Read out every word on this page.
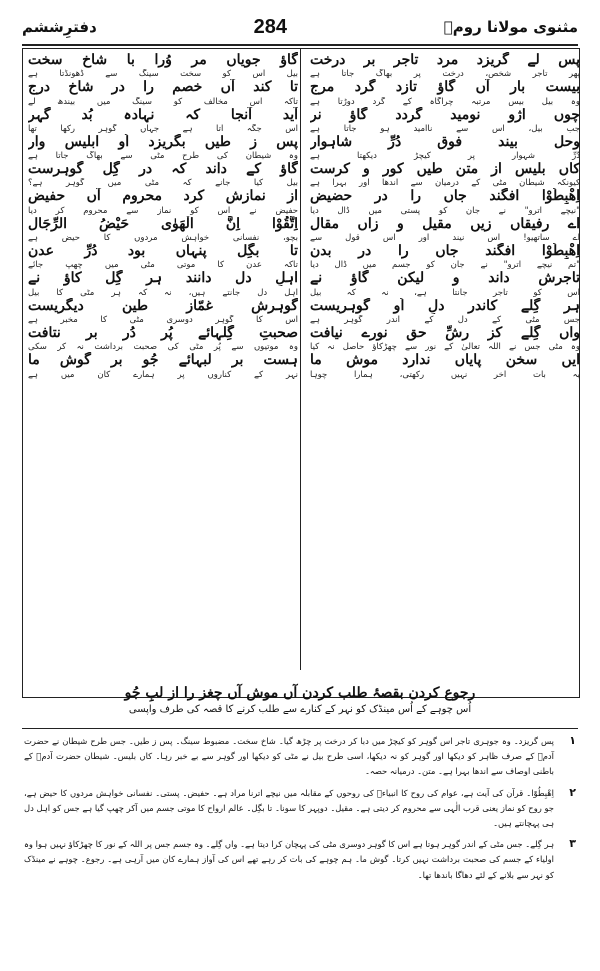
مثنوی مولانا رومؒ
284
دفترِششم
پس لے گریزد مرد تاجر بر درخت
پھر تاجر شخص، درخت پر بھاگ جاتا ہے
بیست بار آں گاؤ تازد گرد مرج
وہ بیل بیس مرتبہ چراگاہ کے گرد دوڑتا ہے
چوں اژو نومید گردد گاؤ نر
جب بیل، اس سے ناامید ہو جاتا ہے
وحل بیند فوق دُرِّ شاہوار
دُرِّ شہوار پر کیچڑ دیکھتا ہے
کاں بلیس از متنِ طیں کور و کرست
کیونکہ شیطان مٹی کے درمیان سے اندھا اور بہرا ہے
اِهْبِطُوْا افگند جاں را در حضیض
"نیچے اترو" نے جان کو پستی میں ڈال دیا
اے رفیقاں زیں مقیل و زاں مقال
اے ساتھیو! اس نیند اور اس قول سے
اِهْبِطُوْا افگند جاں را در بدن
"تم نیچے اترو" نے جان کو جسم میں ڈال دیا
تاجرش داند و لیکن گاؤ نے
اس کو تاجر جانتا ہے، نہ کہ بیل
ہر گِلے کاندر دلِ اُو گوہریست
جس مٹی کے دل کے اندر گوہر ہے
واں گِلے کز رشِّ حق نورے نیافت
وہ مٹی جس نے اللہ تعالیٰ کے نور سے چھڑکاؤ حاصل نہ کیا
ایں سخن پایاں ندارد موش ما
یہ بات آخر نہیں رکھتی، ہمارا چوہا
گاؤ جویاں مر وُرا با شاخ سخت
بیل اس کو سخت سینگ سے ڈھونڈتا ہے
تا کند آں خصم را در شاخ درج
تاکہ اس مخالف کو سینگ میں بیندھ لے
آید آنجا کہ نہادہ بُد گہر
اس جگہ آتا ہے جہاں گوہر رکھا تھا
پس ز طیں بگریزد اُو ابلیس وار
وہ شیطان کی طرح مٹی سے بھاگ جاتا ہے
گاؤ کے داند کہ در گِل گوہرست
بیل کیا جانے کہ مٹی میں گوہر ہے؟
از نمازش کرد محروم آں حفیض
حفیض نے اس کو نماز سے محروم کر دیا
اِتَّقُوْا اِنَّ الْهَوٰى حَيْضُ الرِّجَال
بچو، نفسانی خواہش مردوں کا حیض ہے
تا بگِل پنہاں بود دُرِّ عدن
تاکہ عدن کا موتی مٹی میں چھپ جائے
اہلِ دل دانند ہر گِل کاؤ نے
اہل دل جانتے ہیں، نہ کہ ہر مٹی کا بیل
گوہرش غمّاز طینِ دیگریست
اس کا گوہر دوسری مٹی کا مخبر ہے
صحبتِ گِلہائے پُر دُر بر نتافت
وہ موتیوں سے پُر مٹی کی صحبت برداشت نہ کر سکی
ہست بر لبہائے جُو بر گوش ما
نہر کے کناروں پر ہمارے کان میں ہے
رجوع کردن بقصۂ طلب کردن آں موش آں چغز را از لبِ جُو
اُس چوہے کے اُس مینڈک کو نہر کے کنارے سے طلب کرنے کا قصہ کی طرف واپسی
۱
پس گریزد۔ وہ جوہری تاجر اس گوہر کو کیچڑ میں دبا کر درخت پر چڑھ گیا۔ شاخ سخت۔ مضبوط سینگ۔ پس ز طیں۔ جس طرح شیطان نے حضرت آدمؑ کے صرف ظاہر کو دیکھا اور گوہر کو نہ دیکھا، اسی طرح بیل نے مٹی کو دیکھا اور گوہر سے بے خبر رہا۔ کاں بلیس۔ شیطان حضرت آدمؑ کے باطنی اوصاف سے اندھا بہرا ہے۔ متن۔ درمیانہ حصہ۔
۲
اِهْبِطُوْا۔ قرآن کی آیت ہے، عوام کی روح کا انبیاءؑ کی روحوں کے مقابلہ میں نیچے اترنا مراد ہے۔ حفیض۔ پستی۔ نفسانی خواہش مردوں کا حیض ہے، جو روح کو نماز یعنی قرب الٰہی سے محروم کر دیتی ہے۔ مقیل۔ دوپہر کا سونا۔ تا بگِل۔ عالم ارواح کا موتی جسم میں آکر چھپ گیا ہے جس کو اہل دل ہی پہچانتے ہیں۔
۳
ہر گِلے۔ جس مٹی کے اندر گوہر ہوتا ہے اس کا گوہر دوسری مٹی کی پہچان کرا دیتا ہے۔ واں گِلے۔ وہ جسم جس پر اللہ کے نور کا چھڑکاؤ نہیں ہوا وہ اولیاء کے جسم کی صحبت برداشت نہیں کرتا۔ گوش ما۔ ہم چوہے کی بات کر رہے تھے اس کی آواز ہمارے کان میں آرہی ہے۔ رجوع۔ چوہے نے مینڈک کو نہر سے بلانے کے لئے دھاگا باندھا تھا۔
